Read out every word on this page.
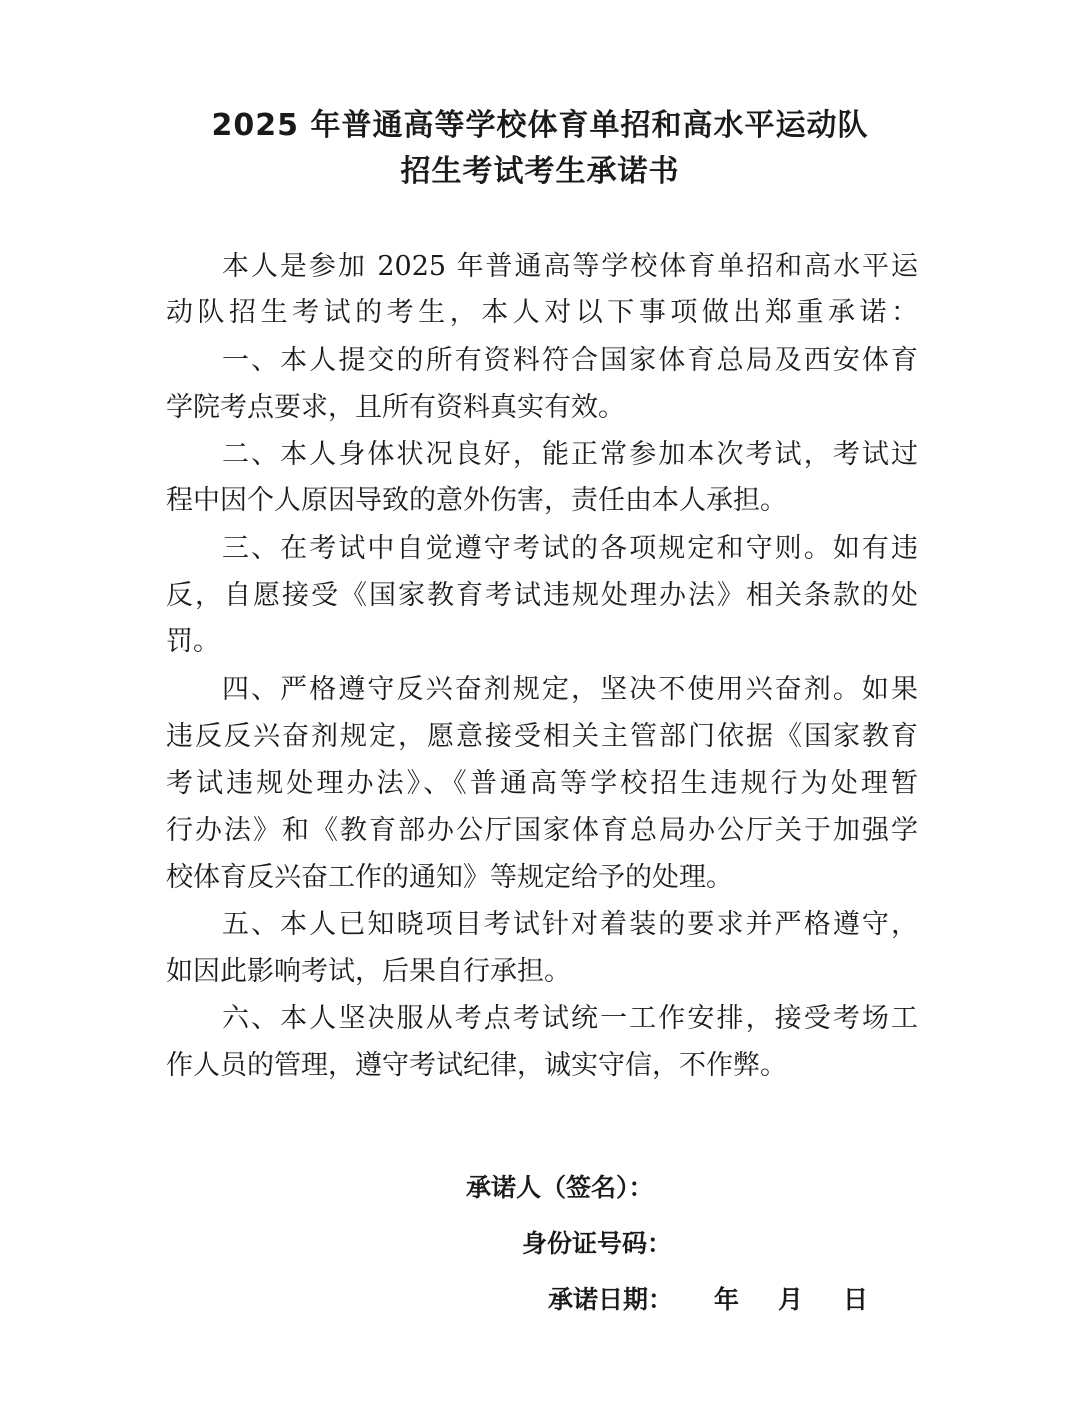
2025 年普通高等学校体育单招和高水平运动队
招生考试考生承诺书
本人是参加 2025 年普通高等学校体育单招和高水平运
动队招生考试的考生，本人对以下事项做出郑重承诺：
一、本人提交的所有资料符合国家体育总局及西安体育
学院考点要求，且所有资料真实有效。
二、本人身体状况良好，能正常参加本次考试，考试过
程中因个人原因导致的意外伤害，责任由本人承担。
三、在考试中自觉遵守考试的各项规定和守则。如有违
反，自愿接受《国家教育考试违规处理办法》相关条款的处
罚。
四、严格遵守反兴奋剂规定，坚决不使用兴奋剂。如果
违反反兴奋剂规定，愿意接受相关主管部门依据《国家教育
考试违规处理办法》、《普通高等学校招生违规行为处理暂
行办法》和《教育部办公厅国家体育总局办公厅关于加强学
校体育反兴奋工作的通知》等规定给予的处理。
五、本人已知晓项目考试针对着装的要求并严格遵守，
如因此影响考试，后果自行承担。
六、本人坚决服从考点考试统一工作安排，接受考场工
作人员的管理，遵守考试纪律，诚实守信，不作弊。
承诺人（签名）：
身份证号码：
承诺日期： 年 月 日
